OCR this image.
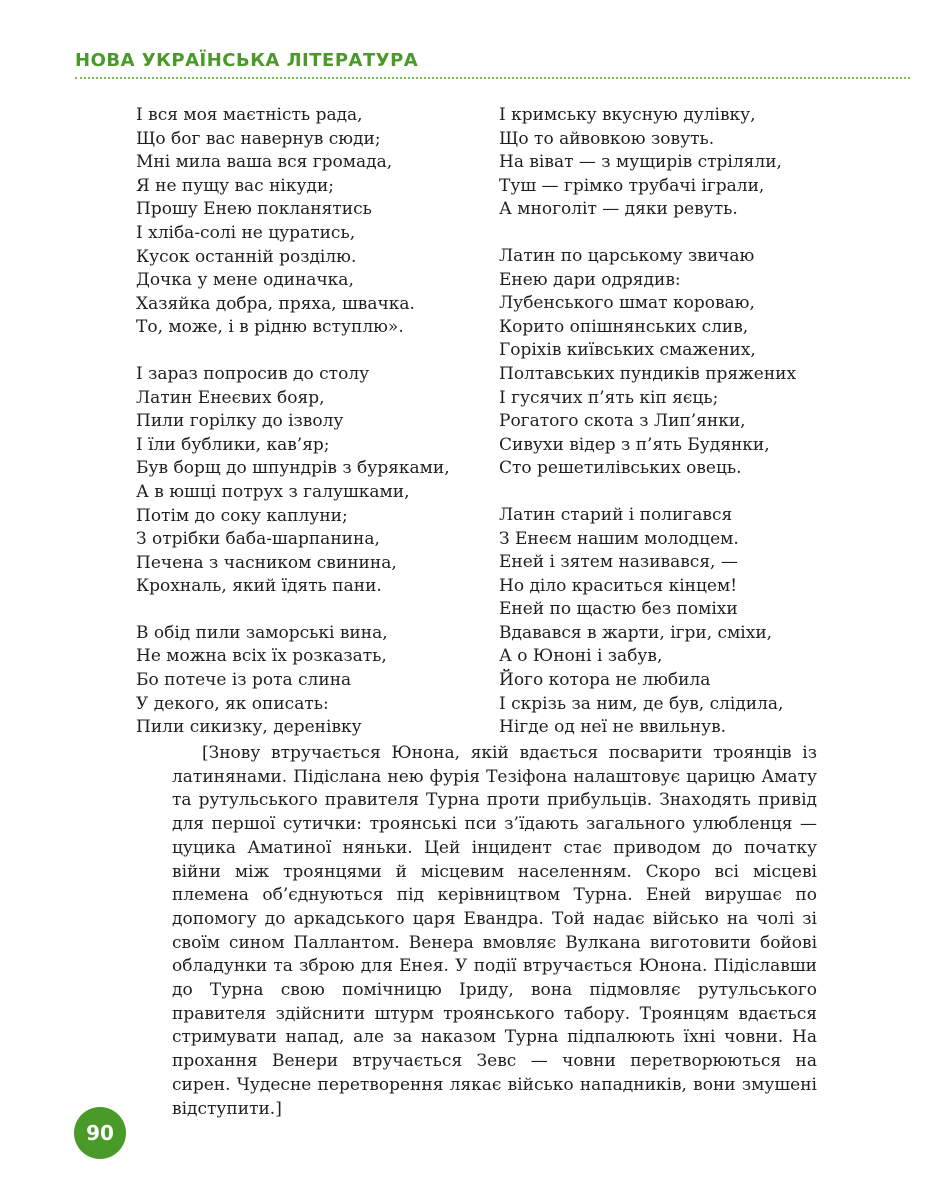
НОВА УКРАЇНСЬКА ЛІТЕРАТУРА
І вся моя маєтність рада,
Що бог вас навернув сюди;
Мні мила ваша вся громада,
Я не пущу вас нікуди;
Прошу Енею покланятись
І хліба-солі не цуратись,
Кусок останній розділю.
Дочка у мене одиначка,
Хазяйка добра, пряха, швачка.
То, може, і в рідню вступлю».
І зараз попросив до столу
Латин Енеєвих бояр,
Пили горілку до ізволу
І їли бублики, кав’яр;
Був борщ до шпундрів з буряками,
А в юшці потрух з галушками,
Потім до соку каплуни;
З отрібки баба-шарпанина,
Печена з часником свинина,
Крохналь, який їдять пани.
В обід пили заморські вина,
Не можна всіх їх розказать,
Бо потече із рота слина
У декого, як описать:
Пили сикизку, деренівку
І кримську вкусную дулівку,
Що то айвовкою зовуть.
На віват — з мущирів стріляли,
Туш — грімко трубачі іграли,
А многоліт — дяки ревуть.
Латин по царському звичаю
Енею дари одрядив:
Лубенського шмат короваю,
Корито опішнянських слив,
Горіхів київських смажених,
Полтавських пундиків пряжених
І гусячих п’ять кіп яєць;
Рогатого скота з Лип’янки,
Сивухи відер з п’ять Будянки,
Сто решетилівських овець.
Латин старий і полигався
З Енеєм нашим молодцем.
Еней і зятем називався, —
Но діло краситься кінцем!
Еней по щастю без поміхи
Вдавався в жарти, ігри, сміхи,
А о Юноні і забув,
Його котора не любила
І скрізь за ним, де був, слідила,
Нігде од неї не ввильнув.

[Знову втручається Юнона, якій вдається посварити троянців із латинянами. Підіслана нею фурія Тезіфона налаштовує царицю Амату та рутульського правителя Турна проти прибульців. Знаходять привід для першої сутички: троянські пси з’їдають загального улюбленця — цуцика Аматиної няньки. Цей інцидент стає приводом до початку війни між троянцями й місцевим населенням. Скоро всі місцеві племена об’єднуються під керівництвом Турна. Еней вирушає по допомогу до аркадського царя Евандра. Той надає військо на чолі зі своїм сином Паллантом. Венера вмовляє Вулкана виготовити бойові обладунки та зброю для Енея. У події втручається Юнона. Підіславши до Турна свою помічницю Іриду, вона підмовляє рутульського правителя здійснити штурм троянського табору. Троянцям вдається стримувати напад, але за наказом Турна підпалюють їхні човни. На прохання Венери втручається Зевс — човни перетворюються на сирен. Чудесне перетворення лякає військо нападників, вони змушені відступити.]

90
